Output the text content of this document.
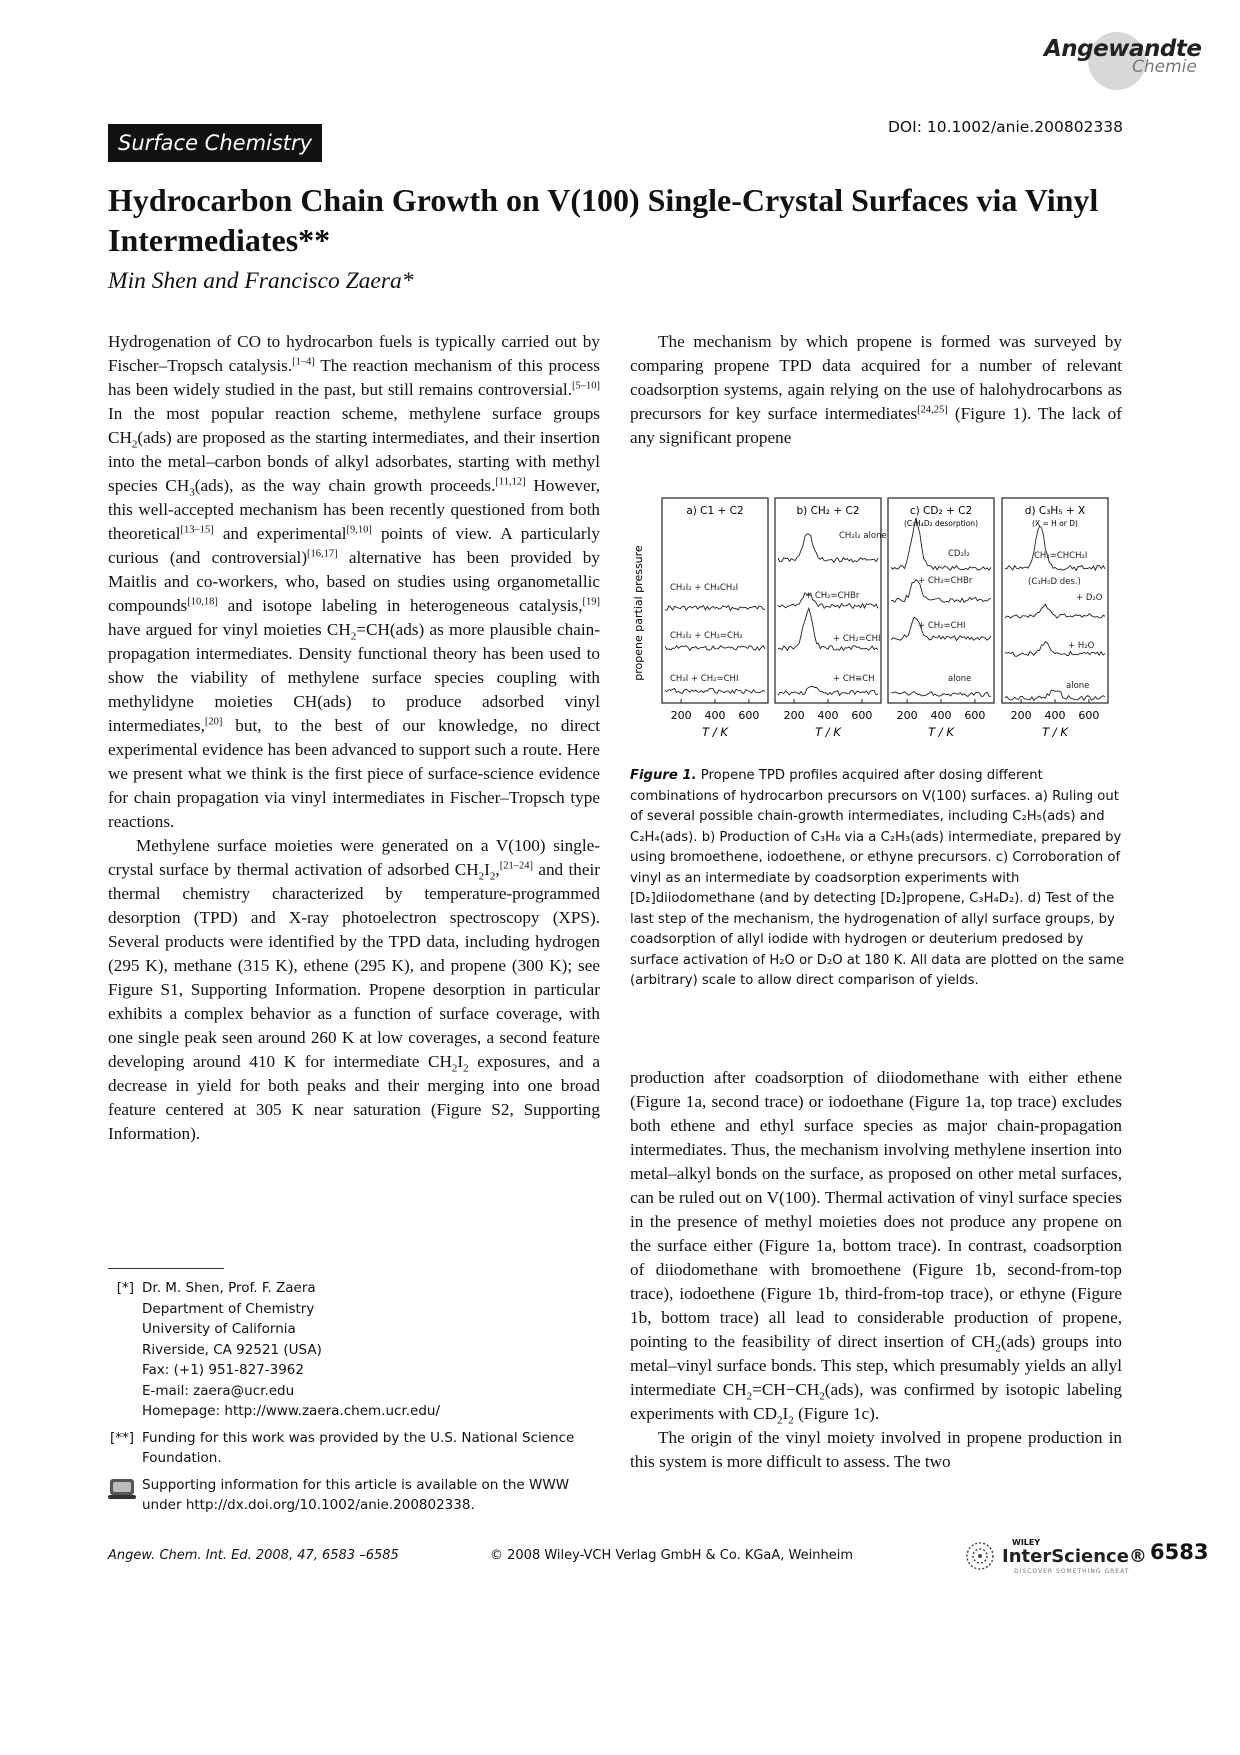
Angewandte
Chemie
DOI: 10.1002/anie.200802338
Surface Chemistry
Hydrocarbon Chain Growth on V(100) Single-Crystal Surfaces via Vinyl Intermediates**
Min Shen and Francisco Zaera*

Hydrogenation of CO to hydrocarbon fuels is typically carried out by Fischer–Tropsch catalysis.[1–4] The reaction mechanism of this process has been widely studied in the past, but still remains controversial.[5–10] In the most popular reaction scheme, methylene surface groups $CH_2(ads)$ are proposed as the starting intermediates, and their insertion into the metal–carbon bonds of alkyl adsorbates, starting with methyl species $CH_3(ads)$, as the way chain growth proceeds.[11,12] However, this well-accepted mechanism has been recently questioned from both theoretical[13–15] and experimental[9,10] points of view. A particularly curious (and controversial)[16,17] alternative has been provided by Maitlis and co-workers, who, based on studies using organometallic compounds[10,18] and isotope labeling in heterogeneous catalysis,[19] have argued for vinyl moieties $CH_2=CH(ads)$ as more plausible chain-propagation intermediates. Density functional theory has been used to show the viability of methylene surface species coupling with methylidyne moieties CH(ads) to produce adsorbed vinyl intermediates,[20] but, to the best of our knowledge, no direct experimental evidence has been advanced to support such a route. Here we present what we think is the first piece of surface-science evidence for chain propagation via vinyl intermediates in Fischer–Tropsch type reactions.

Methylene surface moieties were generated on a V(100) single-crystal surface by thermal activation of adsorbed $CH_2I_2,[21-24]$ and their thermal chemistry characterized by temperature-programmed desorption (TPD) and X-ray photoelectron spectroscopy (XPS). Several products were identified by the TPD data, including hydrogen (295 K), methane (315 K), ethene (295 K), and propene (300 K); see Figure S1, Supporting Information. Propene desorption in particular exhibits a complex behavior as a function of surface coverage, with one single peak seen around 260 K at low coverages, a second feature developing around 410 K for intermediate $CH_2I_2$ exposures, and a decrease in yield for both peaks and their merging into one broad feature centered at 305 K near saturation (Figure S2, Supporting Information).

The mechanism by which propene is formed was surveyed by comparing propene TPD data acquired for a number of relevant coadsorption systems, again relying on the use of halohydrocarbons as precursors for key surface intermediates[24,25] (Figure 1). The lack of any significant propene

propene partial pressure
a) C1 + C2
CH₂I₂ + CH₃CH₂I
CH₂I₂ + CH₂=CH₂
CH₃I + CH₂=CHI
b) CH₂ + C2
CH₂I₂ alone
+ CH₂=CHBr
+ CH₂=CHI
+ CH≡CH
c) CD₂ + C2
(C₃H₄D₂ desorption)
CD₂I₂
+ CH₂=CHBr
+ CH₂=CHI
alone
d) C₃H₅ + X
(X = H or D)
CH₂=CHCH₂I
(C₃H₅D des.)
+ D₂O
+ H₂O
alone
200 400 600
T / K
200 400 600
T / K
200 400 600
T / K
200 400 600
T / K

Figure 1. Propene TPD profiles acquired after dosing different combinations of hydrocarbon precursors on V(100) surfaces. a) Ruling out of several possible chain-growth intermediates, including C₂H₅(ads) and C₂H₄(ads). b) Production of C₃H₆ via a C₂H₃(ads) intermediate, prepared by using bromoethene, iodoethene, or ethyne precursors. c) Corroboration of vinyl as an intermediate by coadsorption experiments with [D₂]diiodomethane (and by detecting [D₂]propene, C₃H₄D₂). d) Test of the last step of the mechanism, the hydrogenation of allyl surface groups, by coadsorption of allyl iodide with hydrogen or deuterium predosed by surface activation of H₂O or D₂O at 180 K. All data are plotted on the same (arbitrary) scale to allow direct comparison of yields.

production after coadsorption of diiodomethane with either ethene (Figure 1a, second trace) or iodoethane (Figure 1a, top trace) excludes both ethene and ethyl surface species as major chain-propagation intermediates. Thus, the mechanism involving methylene insertion into metal–alkyl bonds on the surface, as proposed on other metal surfaces, can be ruled out on V(100). Thermal activation of vinyl surface species in the presence of methyl moieties does not produce any propene on the surface either (Figure 1a, bottom trace). In contrast, coadsorption of diiodomethane with bromoethene (Figure 1b, second-from-top trace), iodoethene (Figure 1b, third-from-top trace), or ethyne (Figure 1b, bottom trace) all lead to considerable production of propene, pointing to the feasibility of direct insertion of $CH_2(ads)$ groups into metal–vinyl surface bonds. This step, which presumably yields an allyl intermediate $CH_2=CH-CH_2(ads)$, was confirmed by isotopic labeling experiments with $CD_2I_2$ (Figure 1c).

The origin of the vinyl moiety involved in propene production in this system is more difficult to assess. The two

[*] Dr. M. Shen, Prof. F. Zaera
Department of Chemistry
University of California
Riverside, CA 92521 (USA)
Fax: (+1) 951-827-3962
E-mail: zaera@ucr.edu
Homepage: http://www.zaera.chem.ucr.edu/
[**] Funding for this work was provided by the U.S. National Science
Foundation.
Supporting information for this article is available on the WWW
under http://dx.doi.org/10.1002/anie.200802338.
Angew. Chem. Int. Ed. 2008, 47, 6583 –6585	© 2008 Wiley-VCH Verlag GmbH & Co. KGaA, Weinheim
WILEY
InterScience®
DISCOVER SOMETHING GREAT
6583
